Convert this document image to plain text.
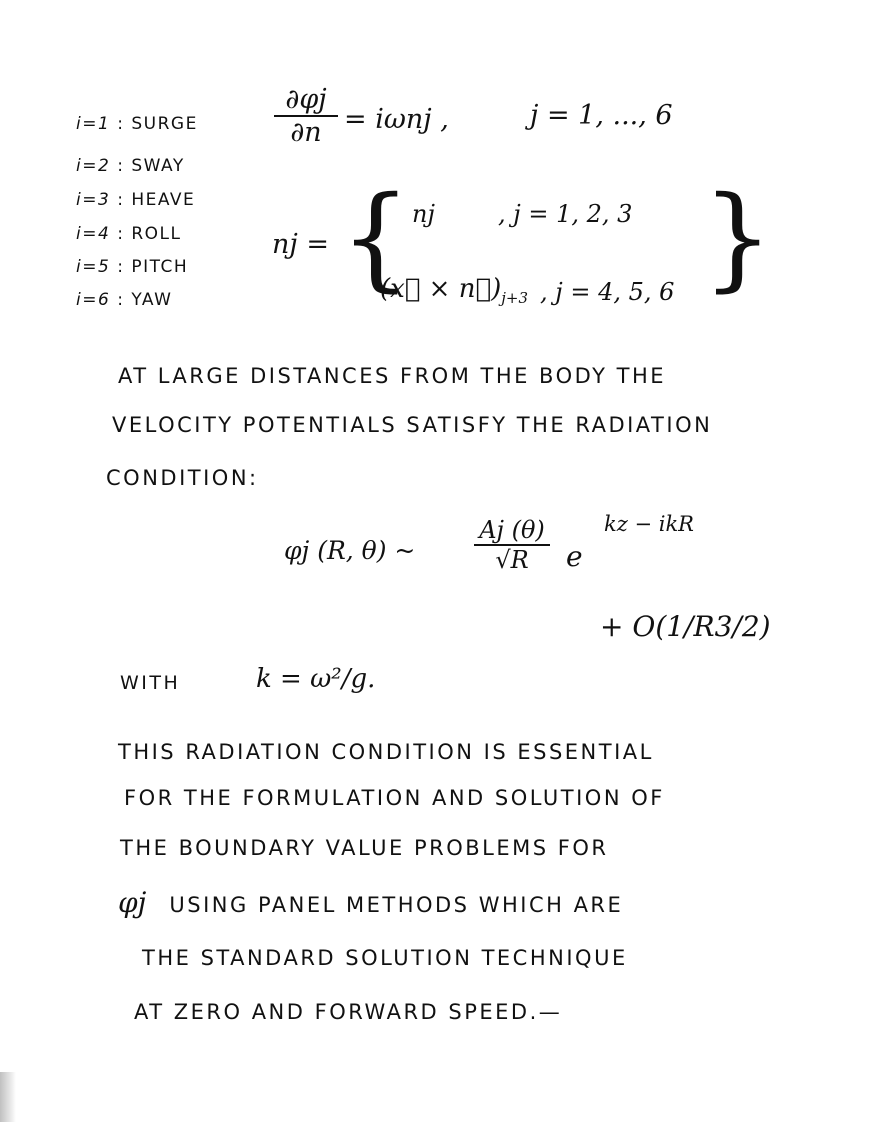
i=1 : SURGE
i=2 : SWAY
i=3 : HEAVE
i=4 : ROLL
i=5 : PITCH
i=6 : YAW
∂φj
∂n = iωnj ,	j = 1, ..., 6
nj = { nj	, j = 1, 2, 3
(x⃗ × $n⃗)_{j+3}$ , j = 4, 5, 6 }
AT LARGE DISTANCES FROM THE BODY THE
VELOCITY POTENTIALS SATISFY THE RADIATION
CONDITION:
φj (R, θ) ~
Aj (θ)
√R e
kz − ikR
+ O(1/R3/2)
WITH	k = ω²/g.
THIS RADIATION CONDITION IS ESSENTIAL
FOR THE FORMULATION AND SOLUTION OF
THE BOUNDARY VALUE PROBLEMS FOR
φj USING PANEL METHODS WHICH ARE
THE STANDARD SOLUTION TECHNIQUE
AT ZERO AND FORWARD SPEED.—
